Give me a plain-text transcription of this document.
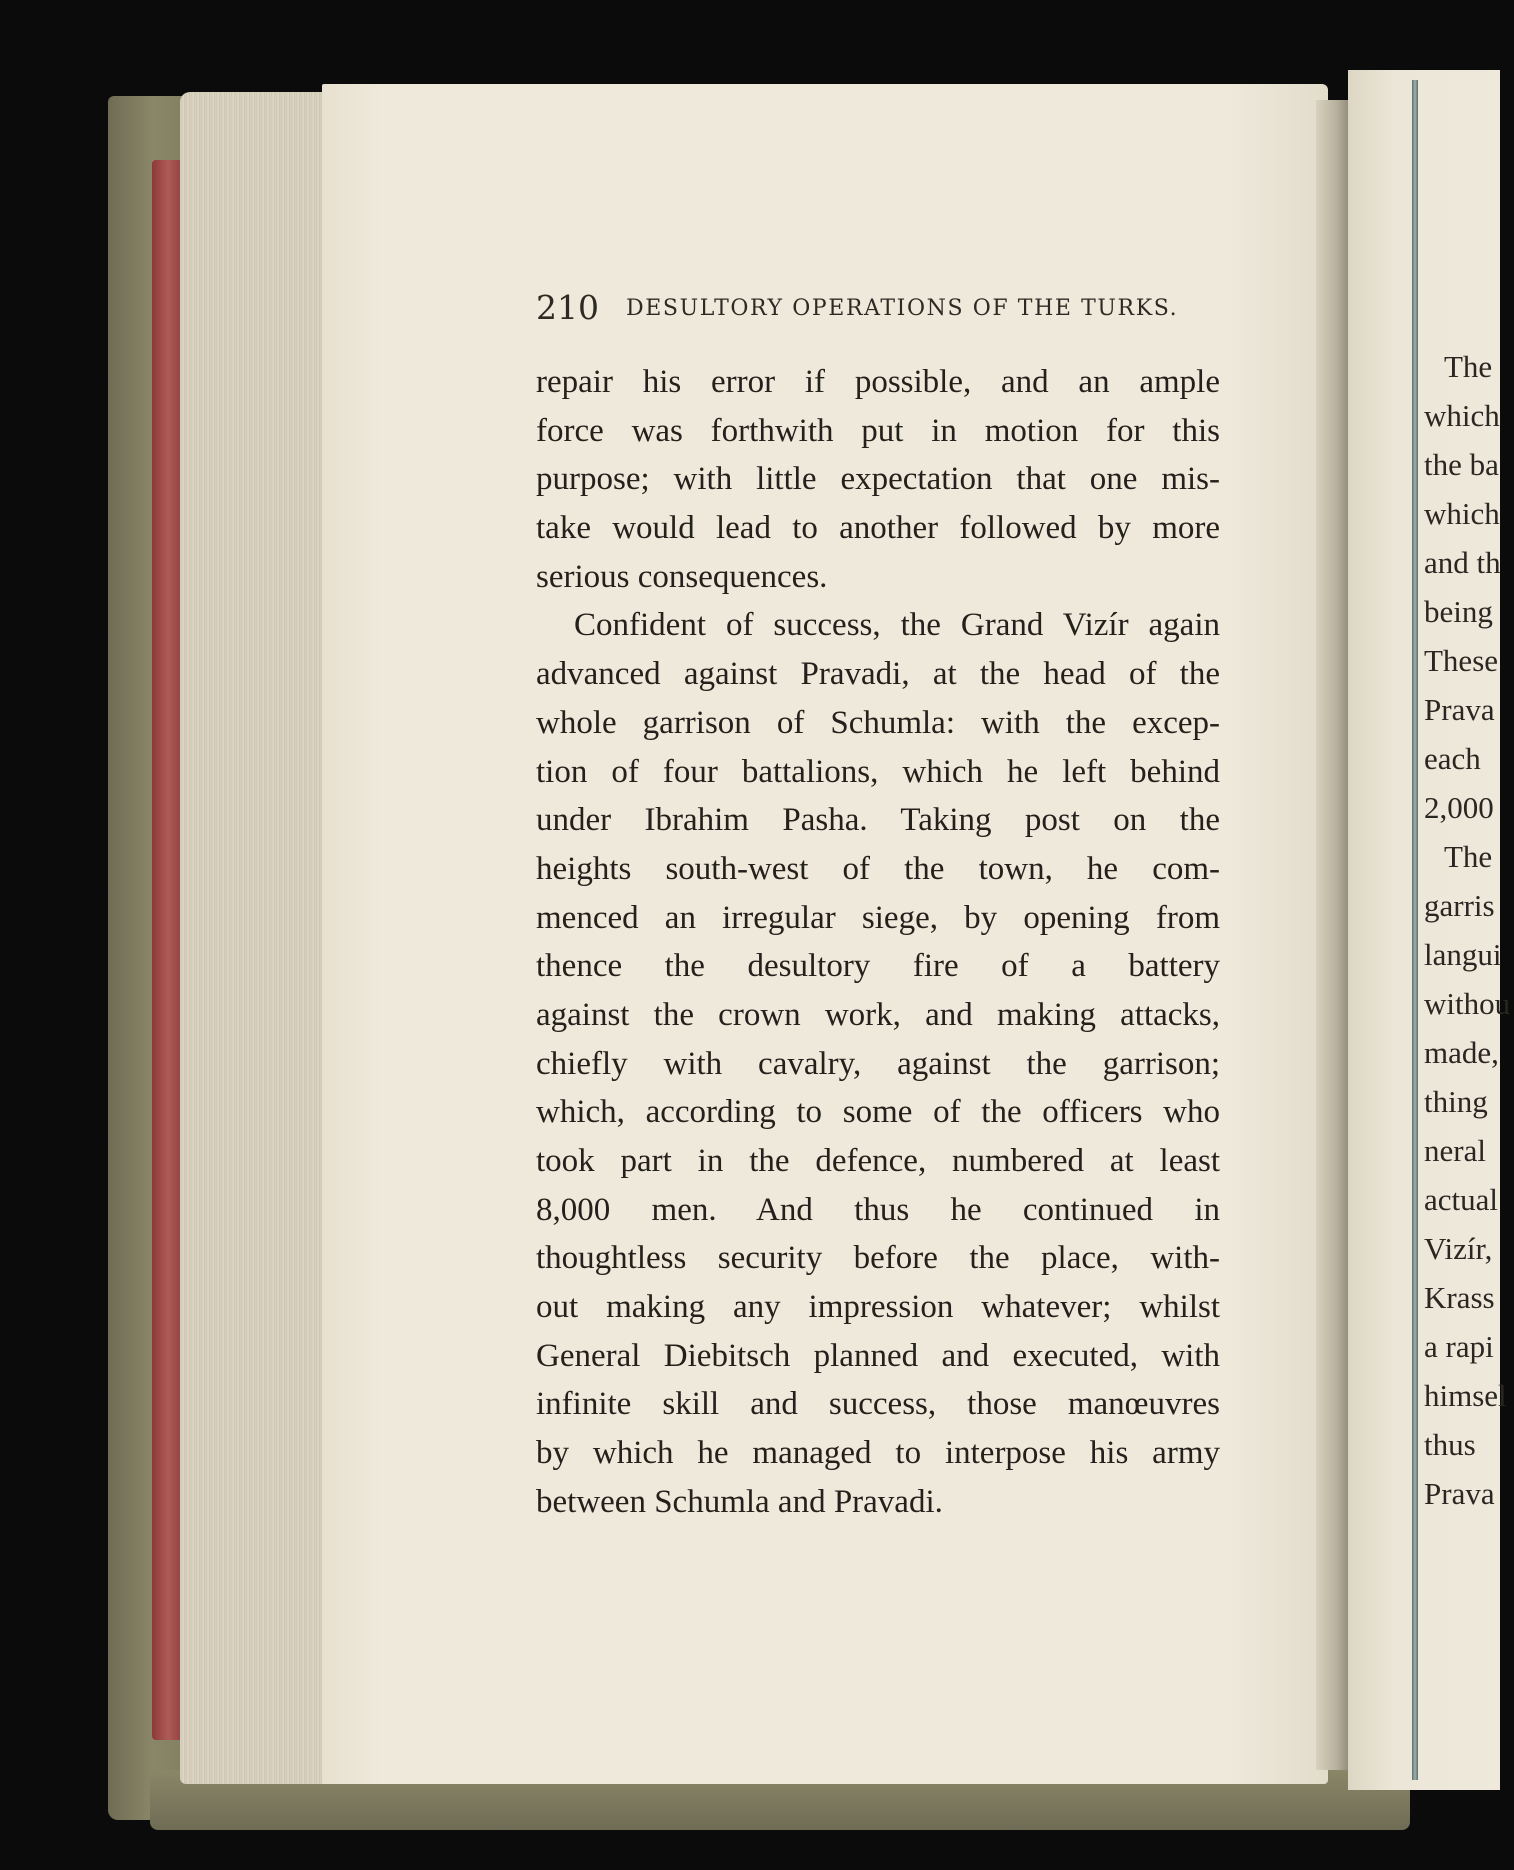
210 DESULTORY OPERATIONS OF THE TURKS.
repair his error if possible, and an ample
force was forthwith put in motion for this
purpose; with little expectation that one mis-
take would lead to another followed by more
serious consequences.
Confident of success, the Grand Vizír again
advanced against Pravadi, at the head of the
whole garrison of Schumla: with the excep-
tion of four battalions, which he left behind
under Ibrahim Pasha. Taking post on the
heights south-west of the town, he com-
menced an irregular siege, by opening from
thence the desultory fire of a battery
against the crown work, and making attacks,
chiefly with cavalry, against the garrison;
which, according to some of the officers who
took part in the defence, numbered at least
8,000 men. And thus he continued in
thoughtless security before the place, with-
out making any impression whatever; whilst
General Diebitsch planned and executed, with
infinite skill and success, those manœuvres
by which he managed to interpose his army
between Schumla and Pravadi.
The
which
the ba
which
and th
being
These
Prava
each
2,000
The
garris
langui
withou
made,
thing
neral
actual
Vizír,
Krass
a rapi
himsel
thus
Prava
